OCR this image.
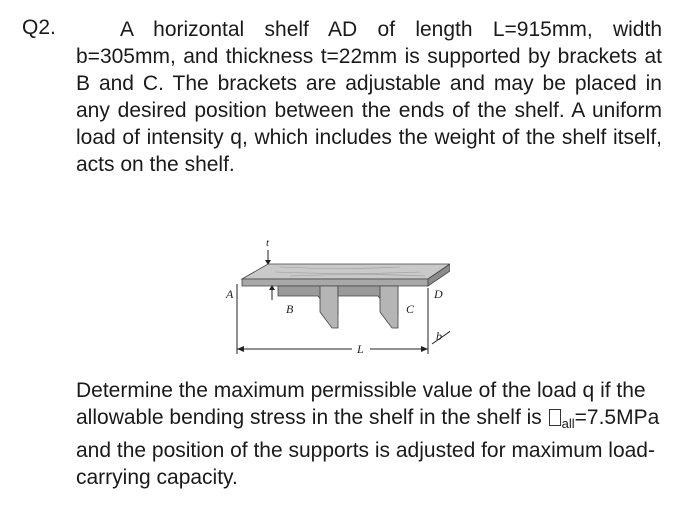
Q2.	A horizontal shelf AD of length L=915mm, width b=305mm, and thickness t=22mm is supported by brackets at B and C. The brackets are adjustable and may be placed in any desired position between the ends of the shelf. A uniform load of intensity q, which includes the weight of the shelf itself, acts on the shelf.
t
A
B	C
D
L
b
Determine the maximum permissible value of the load q if the allowable bending stress in the shelf in the shelf is $_{all}$=7.5MPa and the position of the supports is adjusted for maximum load-carrying capacity.
